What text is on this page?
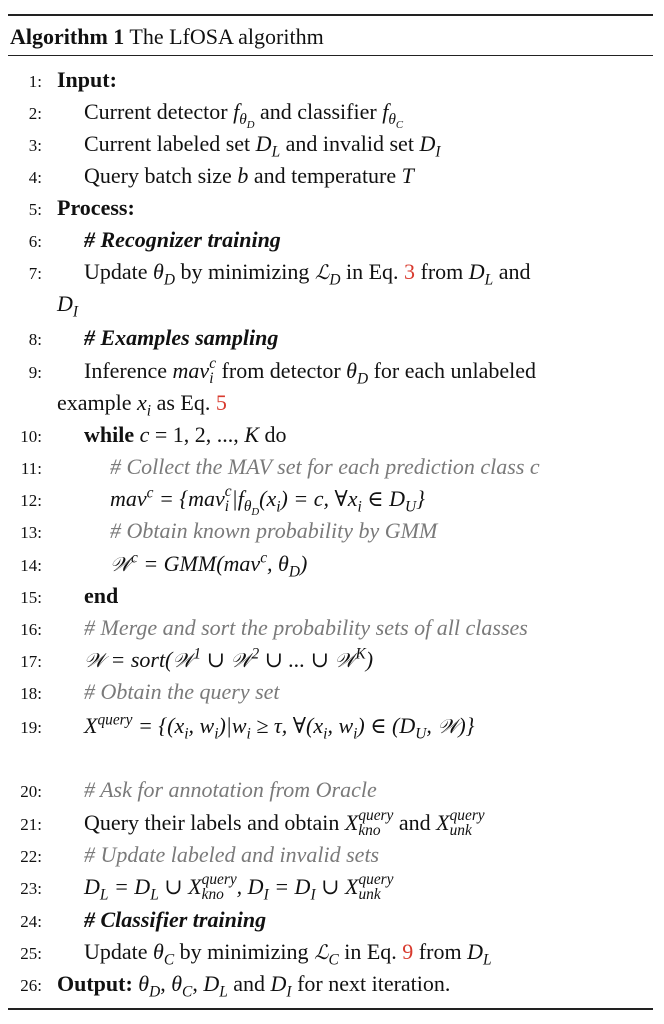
Algorithm 1 The LfOSA algorithm
1: Input:
2: Current detector $f_{\theta_D}$ and classifier $f_{\theta_C}$
3: Current labeled set $D_L$ and invalid set $D_I$
4: Query batch size b and temperature T
5: Process:
6: # Recognizer training
7: Update $\theta_D$ by minimizing ℒ$_D$ in Eq. 3 from $D_L$ and
$D_I$
8: # Examples sampling
9: Inference mavc
i from detector $\theta_D$ for each unlabeled
example $x_i$ as Eq. 5
10: while c = 1, 2, ..., K do
11:	# Collect the MAV set for each prediction class c
12:	mav$^c$ = {mavc
i $|f_{\theta_D}(x_i) = c$, $\forall x_i$ ∈ $D_U$}
13:	# Obtain known probability by GMM
14:	𝒲$^c$ = GMM(mav$^c$, $\theta_D$)
15: end
16: # Merge and sort the probability sets of all classes
17: 𝒲 = sort(𝒲$^1$ ∪ 𝒲$^2$ ∪ ... ∪ 𝒲$^K$)
18: # Obtain the query set
19: $X^{query} = \{(x_i$, $w_i)|w_i \ge \tau$, $\forall(x_i$, $w_i$) ∈ ($D_U$, 𝒲)}
20: # Ask for annotation from Oracle
21: Query their labels and obtain Xquery
kno and Xquery
unk
22: # Update labeled and invalid sets
23: $D_L = D_L$ ∪ Xquery
kno , $D_I = D_I$ ∪ Xquery
unk
24: # Classifier training
25: Update $\theta_C$ by minimizing ℒ$_C$ in Eq. 9 from $D_L$
26: Output: $\theta_D$, $\theta_C$, $D_L$ and $D_I$ for next iteration.
